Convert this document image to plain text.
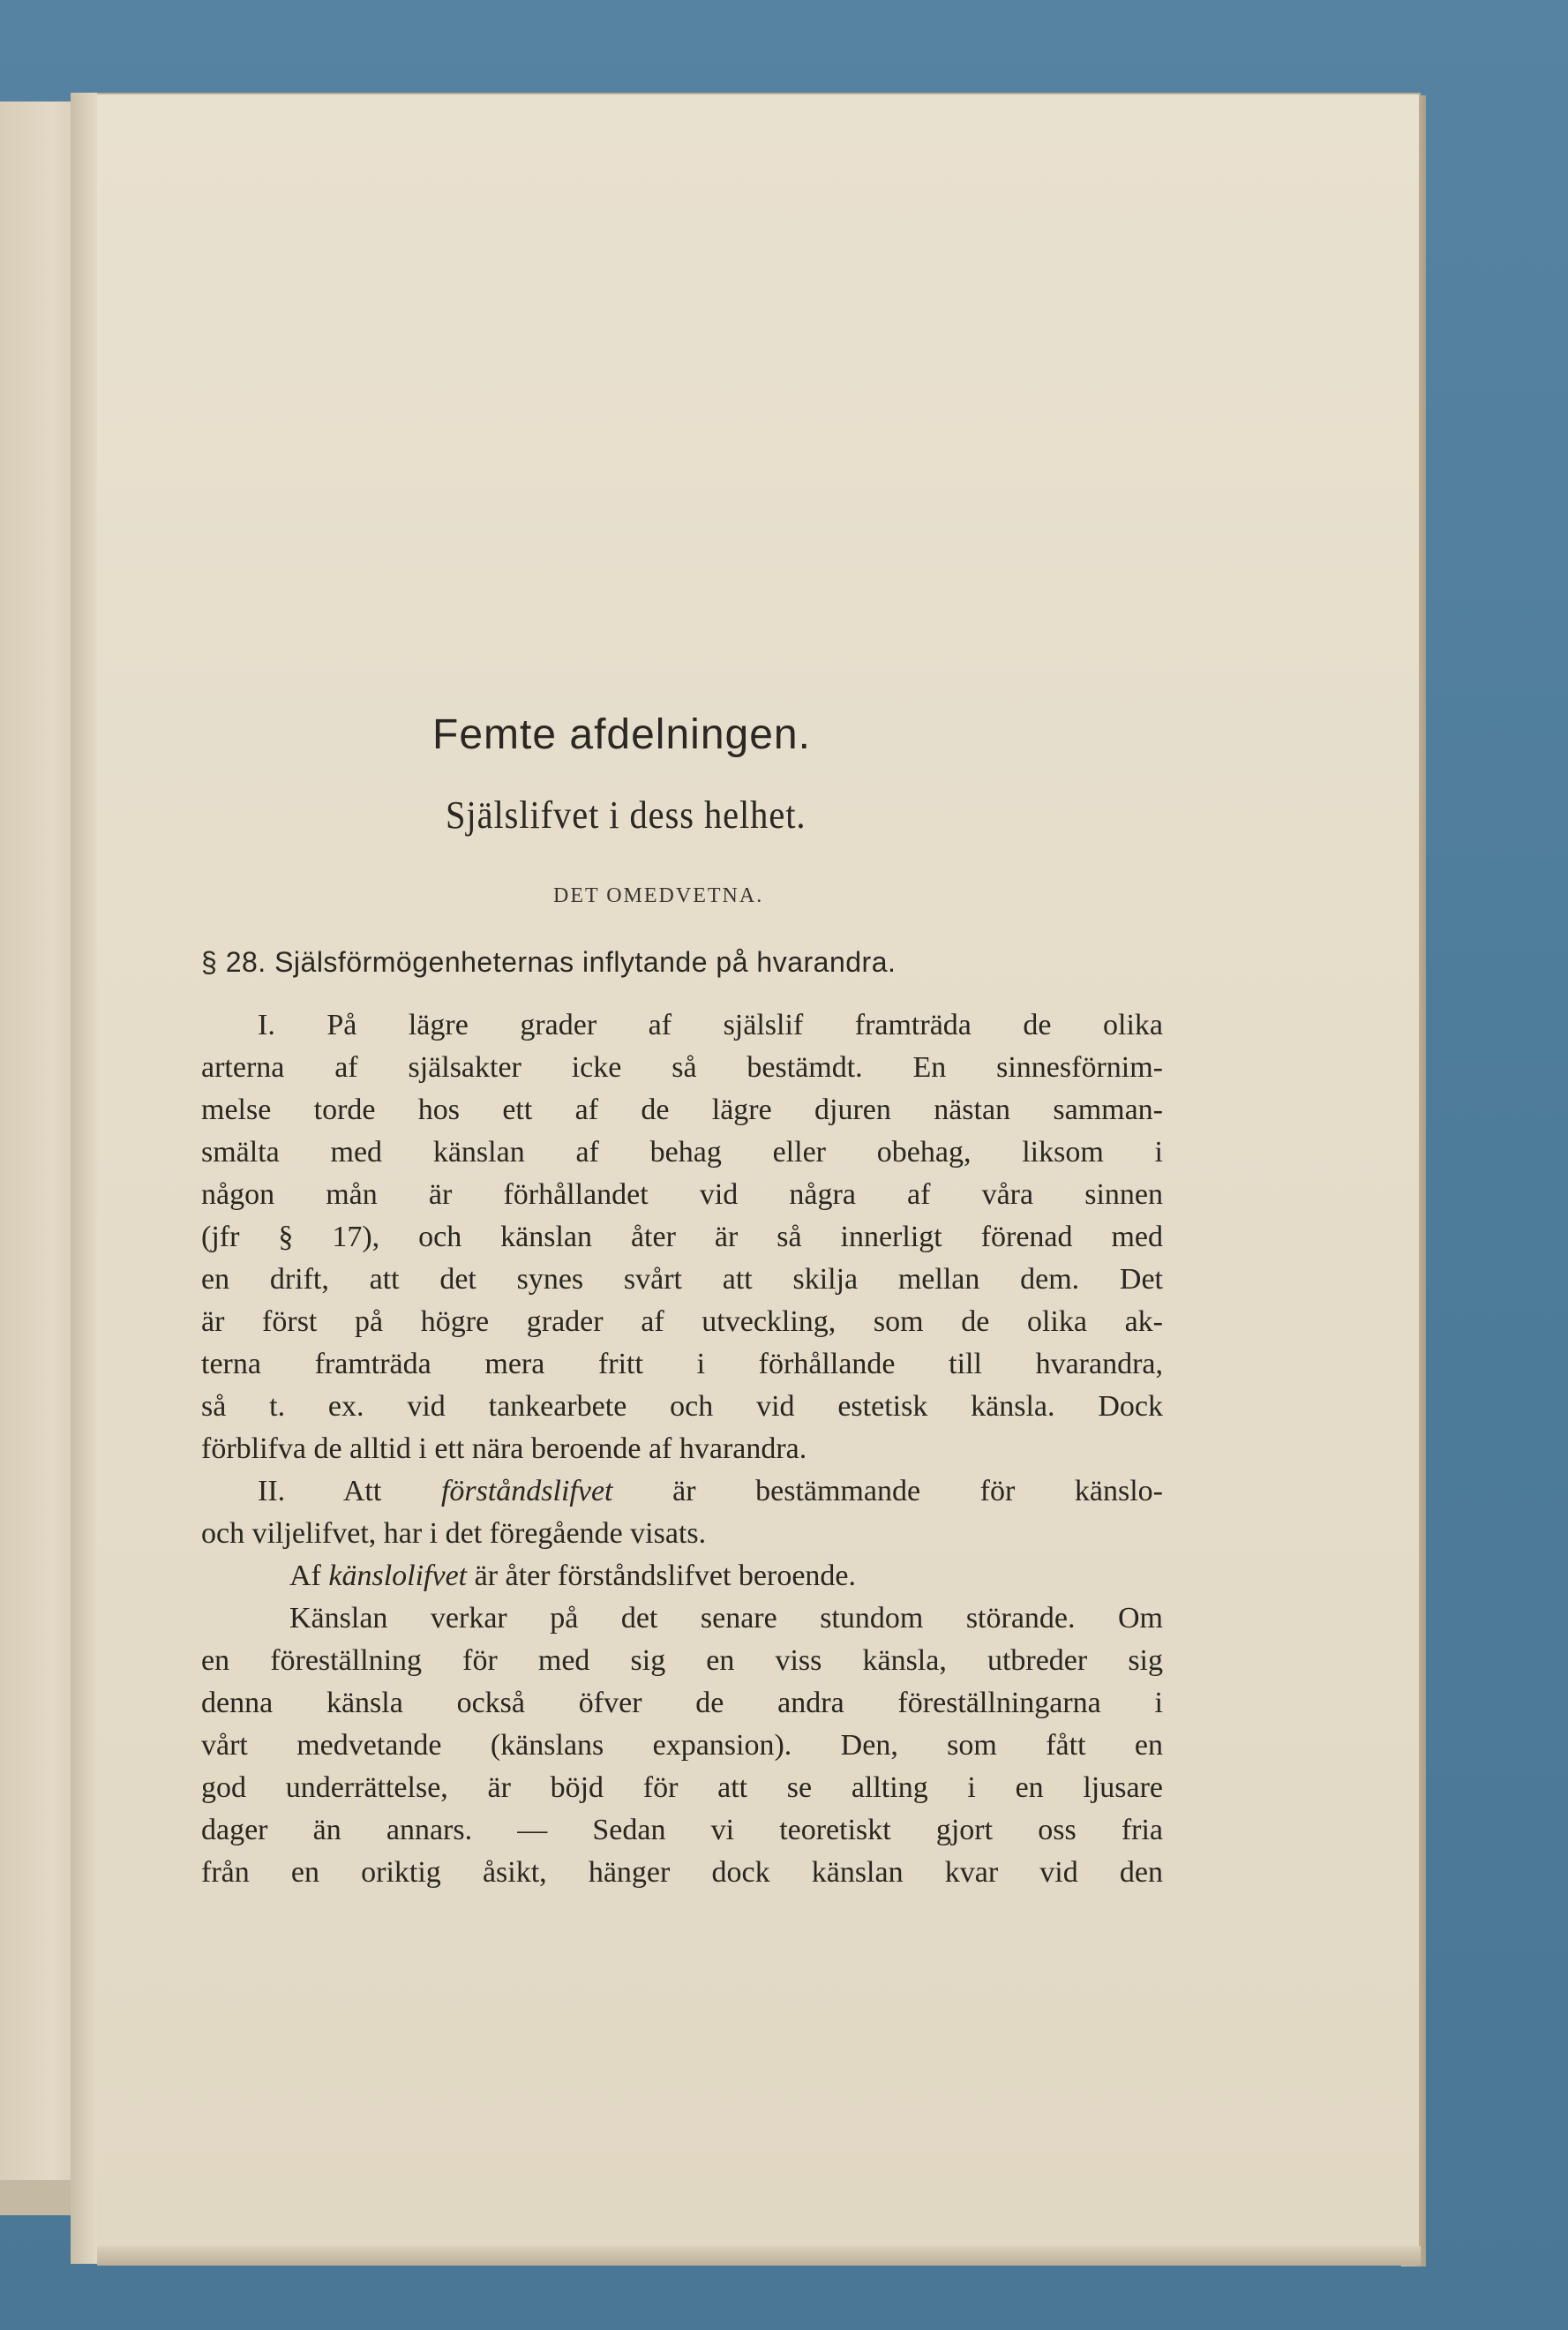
Femte afdelningen.
Själslifvet i dess helhet.
DET OMEDVETNA.
§ 28. Själsförmögenheternas inflytande på hvarandra.
I. På lägre grader af själslif framträda de olika
arterna af själsakter icke så bestämdt. En sinnesförnim-
melse torde hos ett af de lägre djuren nästan samman-
smälta med känslan af behag eller obehag, liksom i
någon mån är förhållandet vid några af våra sinnen
(jfr § 17), och känslan åter är så innerligt förenad med
en drift, att det synes svårt att skilja mellan dem. Det
är först på högre grader af utveckling, som de olika ak-
terna framträda mera fritt i förhållande till hvarandra,
så t. ex. vid tankearbete och vid estetisk känsla. Dock
förblifva de alltid i ett nära beroende af hvarandra.
II. Att förståndslifvet är bestämmande för känslo-
och viljelifvet, har i det föregående visats.
Af känslolifvet är åter förståndslifvet beroende.
Känslan verkar på det senare stundom störande. Om
en föreställning för med sig en viss känsla, utbreder sig
denna känsla också öfver de andra föreställningarna i
vårt medvetande (känslans expansion). Den, som fått en
god underrättelse, är böjd för att se allting i en ljusare
dager än annars. — Sedan vi teoretiskt gjort oss fria
från en oriktig åsikt, hänger dock känslan kvar vid den
